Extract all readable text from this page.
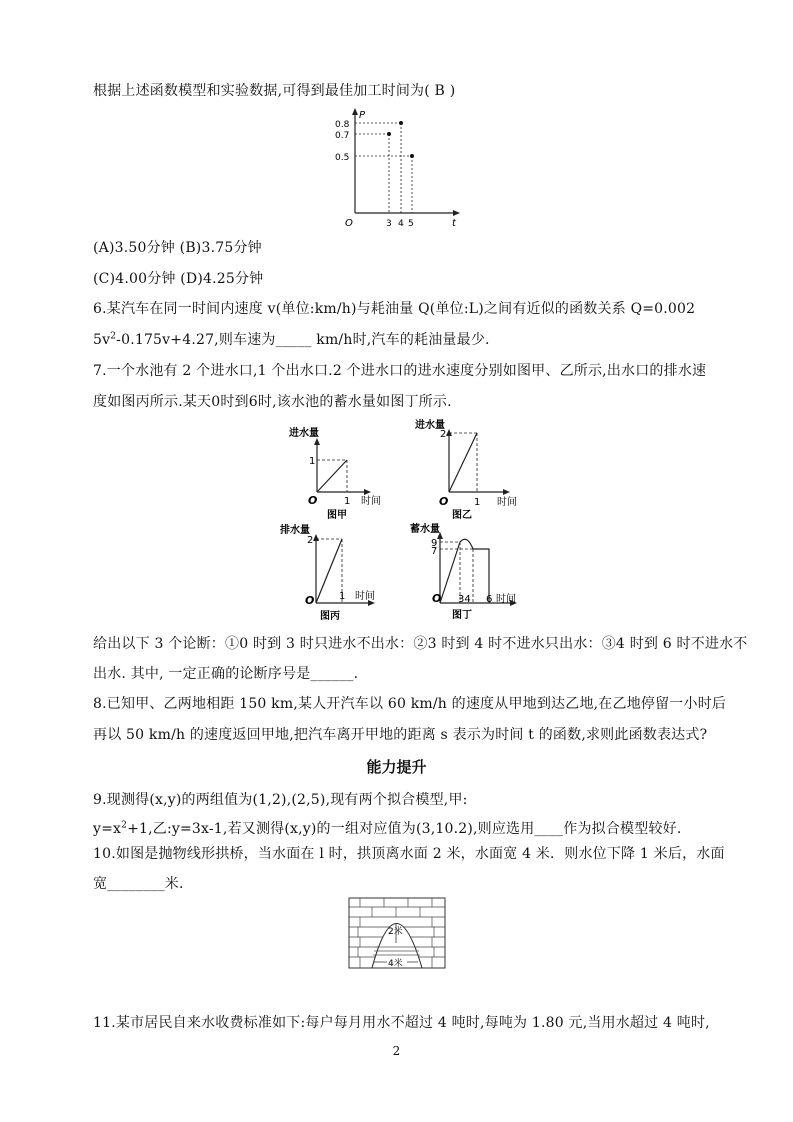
根据上述函数模型和实验数据,可得到最佳加工时间为( B )
P
t
O
0.8
0.7
0.5
3 4 5
(A)3.50分钟 (B)3.75分钟
(C)4.00分钟 (D)4.25分钟
6.某汽车在同一时间内速度 v(单位:km/h)与耗油量 Q(单位:L)之间有近似的函数关系 Q=0.002
$5v^2-0.175v+4.27$,则车速为_____ km/h时,汽车的耗油量最少.
7.一个水池有 2 个进水口,1 个出水口.2 个进水口的进水速度分别如图甲、乙所示,出水口的排水速
度如图丙所示.某天0时到6时,该水池的蓄水量如图丁所示.
进水量
1
O	1 时间
图甲
进水量
2
O	1 时间
图乙
排水量
2
O 1 时间
图丙
蓄水量
9
7
O 34 6 时间
图丁
给出以下 3 个论断：①0 时到 3 时只进水不出水：②3 时到 4 时不进水只出水：③4 时到 6 时不进水不
出水. 其中, 一定正确的论断序号是______.
8.已知甲、乙两地相距 150 km,某人开汽车以 60 km/h 的速度从甲地到达乙地,在乙地停留一小时后
再以 50 km/h 的速度返回甲地,把汽车离开甲地的距离 s 表示为时间 t 的函数,求则此函数表达式?
能力提升
9.现测得(x,y)的两组值为(1,2),(2,5),现有两个拟合模型,甲:
$y=x^2+1$,乙:y=3x-1,若又测得(x,y)的一组对应值为(3,10.2),则应选用____作为拟合模型较好.
10.如图是抛物线形拱桥，当水面在 l 时，拱顶离水面 2 米，水面宽 4 米．则水位下降 1 米后，水面
宽________米．
2米
4米
11.某市居民自来水收费标准如下:每户每月用水不超过 4 吨时,每吨为 1.80 元,当用水超过 4 吨时,
2
